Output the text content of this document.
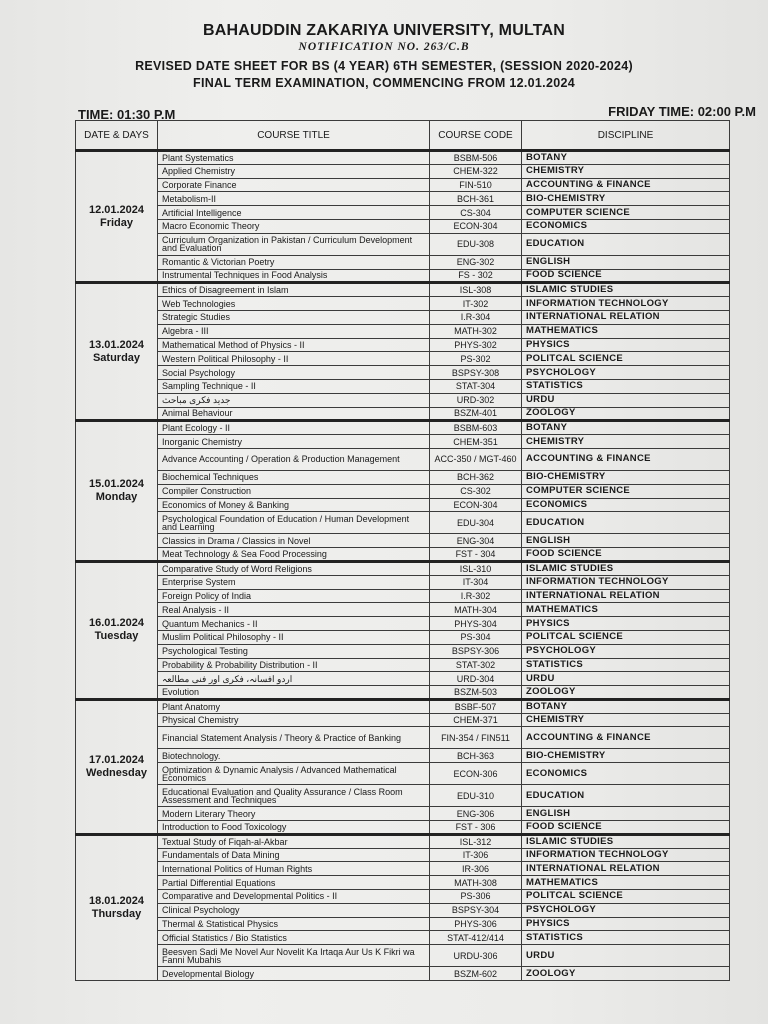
BAHAUDDIN ZAKARIYA UNIVERSITY, MULTAN
NOTIFICATION NO. 263/C.B
REVISED DATE SHEET FOR BS (4 YEAR) 6TH SEMESTER, (SESSION 2020-2024)
FINAL TERM EXAMINATION, COMMENCING FROM 12.01.2024
TIME: 01:30 P.M	FRIDAY TIME: 02:00 P.M
DATE & DAYS	COURSE TITLE	COURSE CODE	DISCIPLINE

12.01.2024
Friday	Plant Systematics	BSBM-506	BOTANY
	Applied Chemistry	CHEM-322	CHEMISTRY
	Corporate Finance	FIN-510	ACCOUNTING & FINANCE
	Metabolism-II	BCH-361	BIO-CHEMISTRY
	Artificial Intelligence	CS-304	COMPUTER SCIENCE
	Macro Economic Theory	ECON-304	ECONOMICS
	Curriculum Organization in Pakistan / Curriculum Development and Evaluation	EDU-308	EDUCATION
	Romantic & Victorian Poetry	ENG-302	ENGLISH
	Instrumental Techniques in Food Analysis	FS - 302	FOOD SCIENCE

13.01.2024
Saturday	Ethics of Disagreement in Islam	ISL-308	ISLAMIC STUDIES
	Web Technologies	IT-302	INFORMATION TECHNOLOGY
	Strategic Studies	I.R-304	INTERNATIONAL RELATION
	Algebra - III	MATH-302	MATHEMATICS
	Mathematical Method of Physics - II	PHYS-302	PHYSICS
	Western Political Philosophy - II	PS-302	POLITCAL SCIENCE
	Social Psychology	BSPSY-308	PSYCHOLOGY
	Sampling Technique - II	STAT-304	STATISTICS
	جدید فکری مباحث	URD-302	URDU
	Animal Behaviour	BSZM-401	ZOOLOGY

15.01.2024
Monday	Plant Ecology - II	BSBM-603	BOTANY
	Inorganic Chemistry	CHEM-351	CHEMISTRY
	Advance Accounting / Operation & Production Management	ACC-350 / MGT-460	ACCOUNTING & FINANCE
	Biochemical Techniques	BCH-362	BIO-CHEMISTRY
	Compiler Construction	CS-302	COMPUTER SCIENCE
	Economics of Money & Banking	ECON-304	ECONOMICS
	Psychological Foundation of Education / Human Development and Learning	EDU-304	EDUCATION
	Classics in Drama / Classics in Novel	ENG-304	ENGLISH
	Meat Technology & Sea Food Processing	FST - 304	FOOD SCIENCE

16.01.2024
Tuesday	Comparative Study of Word Religions	ISL-310	ISLAMIC STUDIES
	Enterprise System	IT-304	INFORMATION TECHNOLOGY
	Foreign Policy of India	I.R-302	INTERNATIONAL RELATION
	Real Analysis - II	MATH-304	MATHEMATICS
	Quantum Mechanics - II	PHYS-304	PHYSICS
	Muslim Political Philosophy - II	PS-304	POLITCAL SCIENCE
	Psychological Testing	BSPSY-306	PSYCHOLOGY
	Probability & Probability Distribution - II	STAT-302	STATISTICS
	اردو افسانہ، فکری اور فنی مطالعہ	URD-304	URDU
	Evolution	BSZM-503	ZOOLOGY

17.01.2024
Wednesday	Plant Anatomy	BSBF-507	BOTANY
	Physical Chemistry	CHEM-371	CHEMISTRY
	Financial Statement Analysis / Theory & Practice of Banking	FIN-354 / FIN511	ACCOUNTING & FINANCE
	Biotechnology.	BCH-363	BIO-CHEMISTRY
	Optimization & Dynamic Analysis / Advanced Mathematical Economics	ECON-306	ECONOMICS
	Educational Evaluation and Quality Assurance / Class Room Assessment and Techniques	EDU-310	EDUCATION
	Modern Literary Theory	ENG-306	ENGLISH
	Introduction to Food Toxicology	FST - 306	FOOD SCIENCE

18.01.2024
Thursday	Textual Study of Fiqah-al-Akbar	ISL-312	ISLAMIC STUDIES
	Fundamentals of Data Mining	IT-306	INFORMATION TECHNOLOGY
	International Politics of Human Rights	IR-306	INTERNATIONAL RELATION
	Partial Differential Equations	MATH-308	MATHEMATICS
	Comparative and Developmental Politics - II	PS-306	POLITCAL SCIENCE
	Clinical Psychology	BSPSY-304	PSYCHOLOGY
	Thermal & Statistical Physics	PHYS-306	PHYSICS
	Official Statistics / Bio Statistics	STAT-412/414	STATISTICS
	Beesven Sadi Me Novel Aur Novelit Ka Irtaqa Aur Us K Fikri wa Fanni Mubahis	URDU-306	URDU
	Developmental Biology	BSZM-602	ZOOLOGY
